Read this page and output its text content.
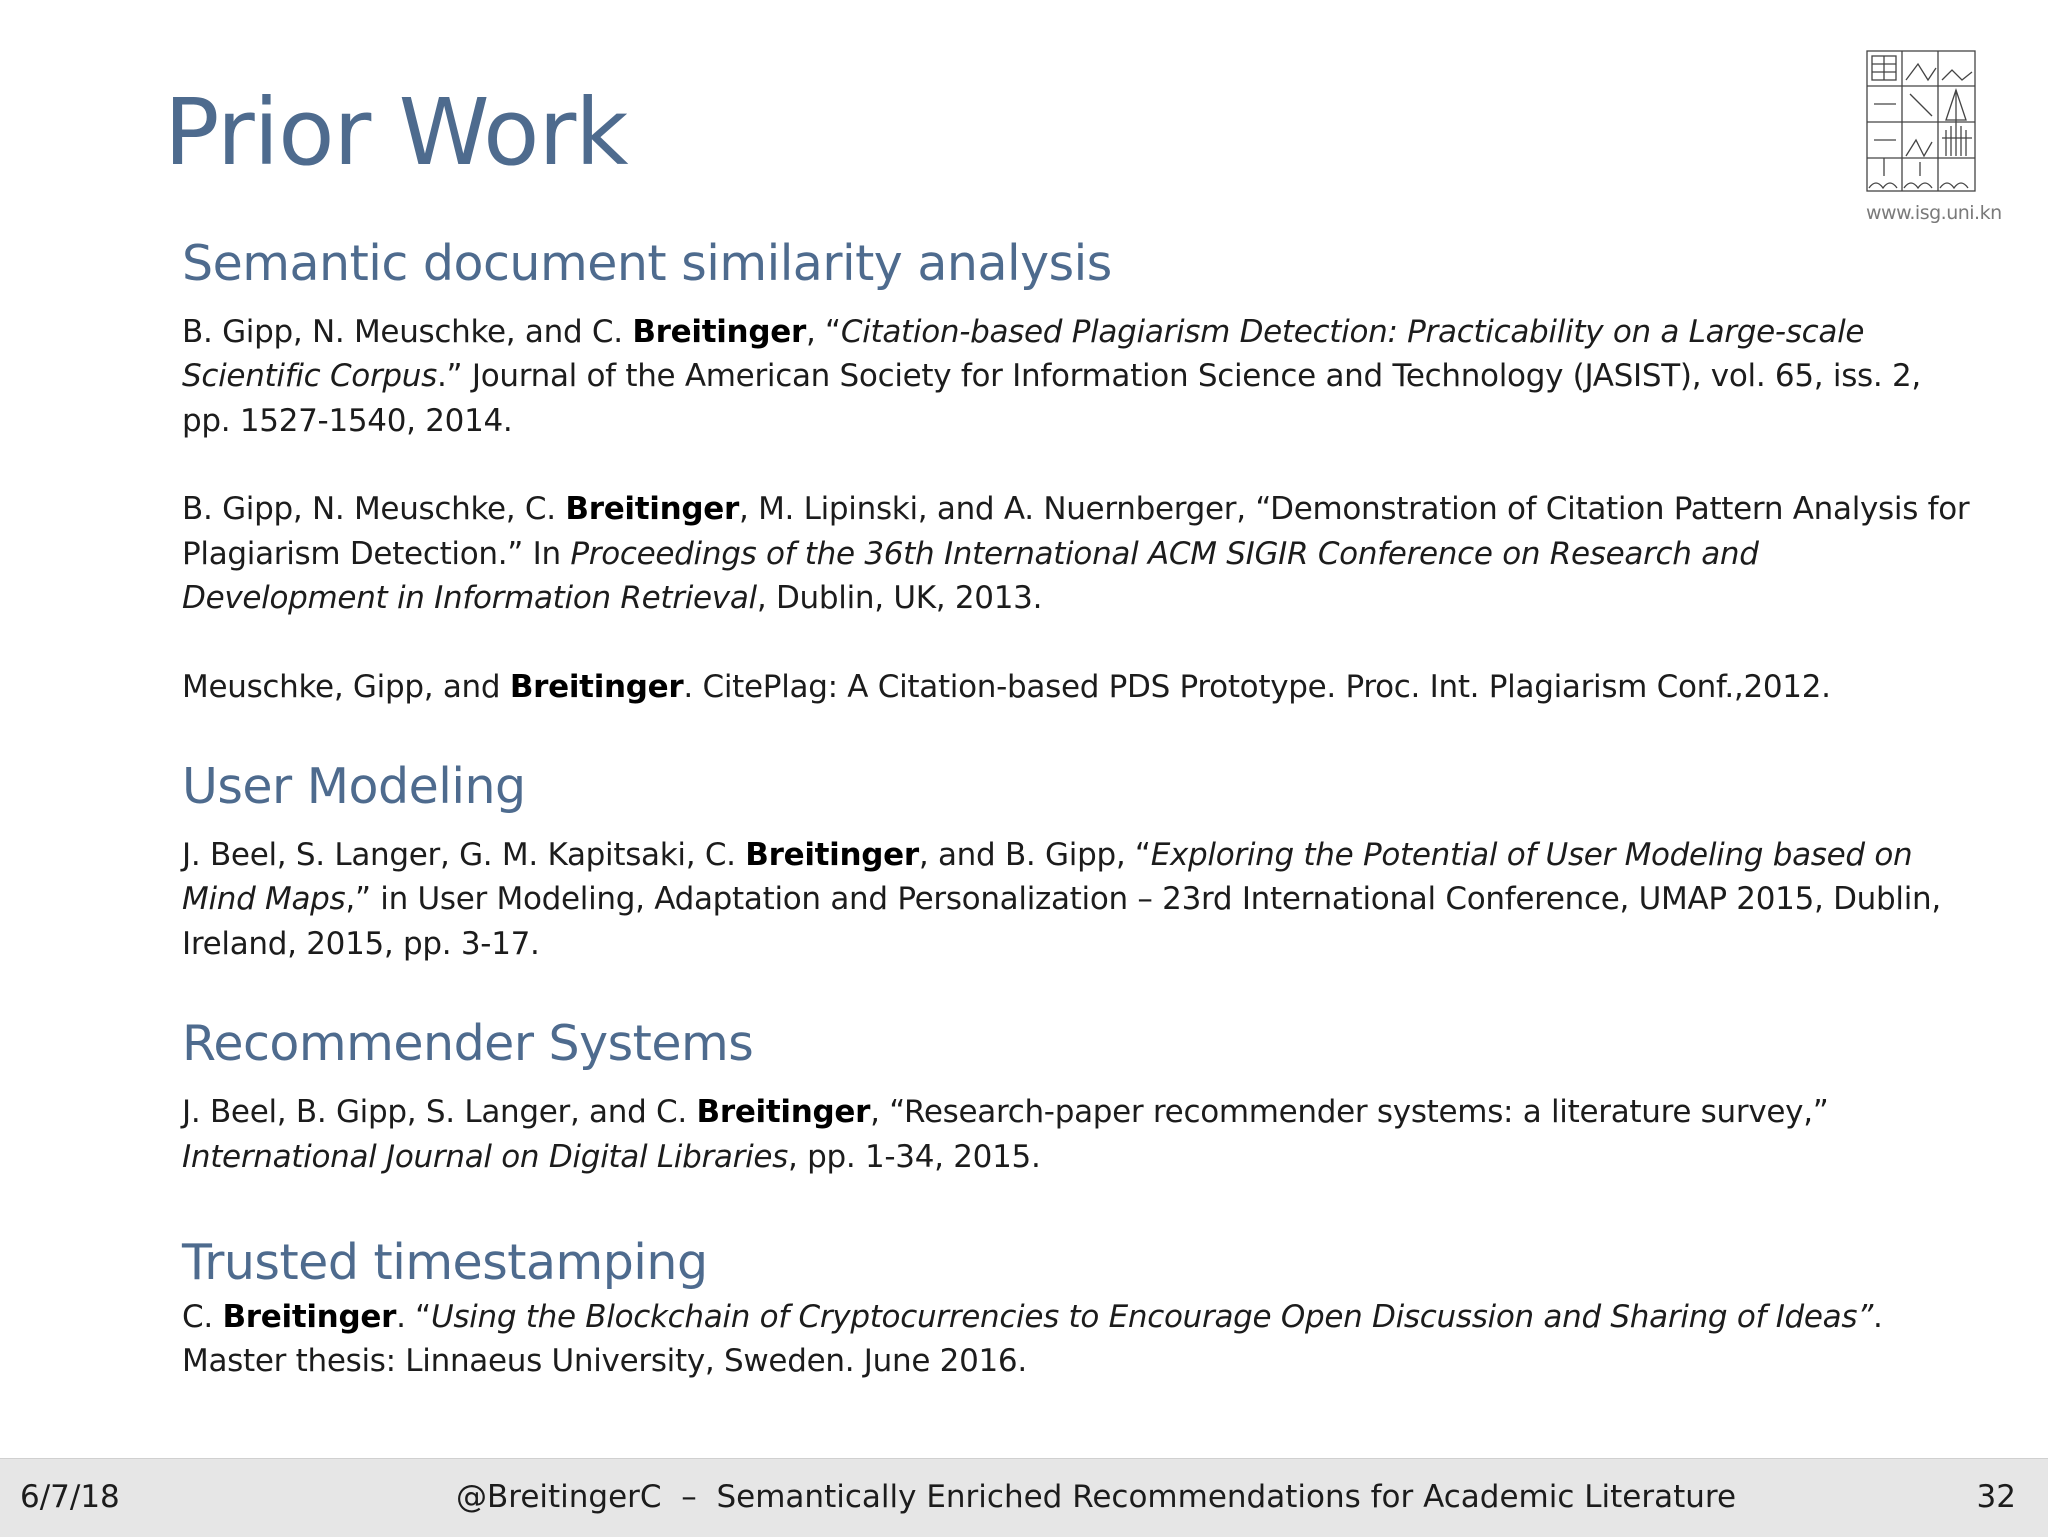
Prior Work
www.isg.uni.kn
Semantic document similarity analysis

B. Gipp, N. Meuschke, and C. Breitinger, “Citation-based Plagiarism Detection: Practicability on a Large-scale Scientific Corpus.” Journal of the American Society for Information Science and Technology (JASIST), vol. 65, iss. 2, pp. 1527-1540, 2014.

B. Gipp, N. Meuschke, C. Breitinger, M. Lipinski, and A. Nuernberger, “Demonstration of Citation Pattern Analysis for Plagiarism Detection.” In Proceedings of the 36th International ACM SIGIR Conference on Research and Development in Information Retrieval, Dublin, UK, 2013.

Meuschke, Gipp, and Breitinger. CitePlag: A Citation-based PDS Prototype. Proc. Int. Plagiarism Conf.,2012.

User Modeling

J. Beel, S. Langer, G. M. Kapitsaki, C. Breitinger, and B. Gipp, “Exploring the Potential of User Modeling based on Mind Maps,” in User Modeling, Adaptation and Personalization – 23rd International Conference, UMAP 2015, Dublin, Ireland, 2015, pp. 3-17.

Recommender Systems

J. Beel, B. Gipp, S. Langer, and C. Breitinger, “Research-paper recommender systems: a literature survey,” International Journal on Digital Libraries, pp. 1-34, 2015.

Trusted timestamping

C. Breitinger. “Using the Blockchain of Cryptocurrencies to Encourage Open Discussion and Sharing of Ideas”. Master thesis: Linnaeus University, Sweden. June 2016.

6/7/18	@BreitingerC  –  Semantically Enriched Recommendations for Academic Literature	32
